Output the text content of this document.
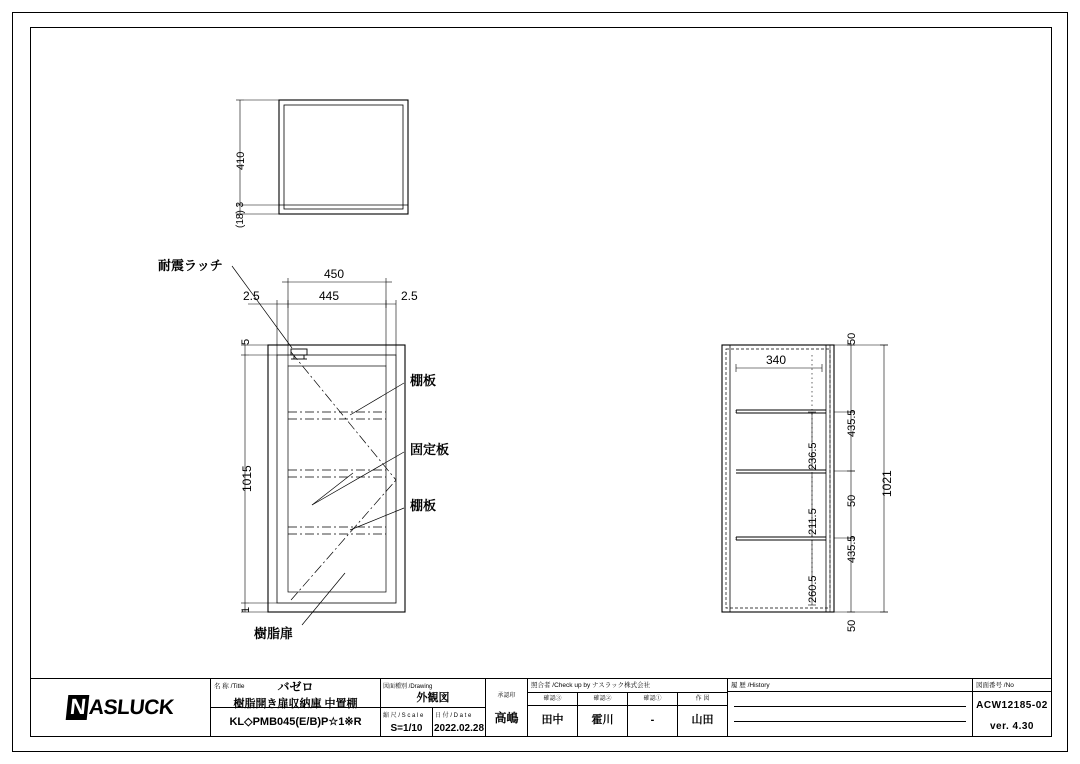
410
(18) 3
450
445
2.5	2.5
5
1015
1
耐震ラッチ
棚板
固定板
棚板
樹脂扉
340
236.5
211.5
260.5
435.5
50
435.5
50
1021
50
N ASLUCK
名 称 /Title	バゼロ
樹脂開き扉収納庫 中置棚
KL◇PMB045(E/B)P☆1※R
図面種別 /Drawing
外観図
縮 尺 / S c a l e
S=1/10
日 付 / D a t e
2022.02.28
承認印
高嶋
照合者 /Check up by ナスラック株式会社
確認③
田中
確認②
霍川
確認①
-
作 図
山田
履 歴 /History	図面番号 /No
ACW12185-02
ver. 4.30
